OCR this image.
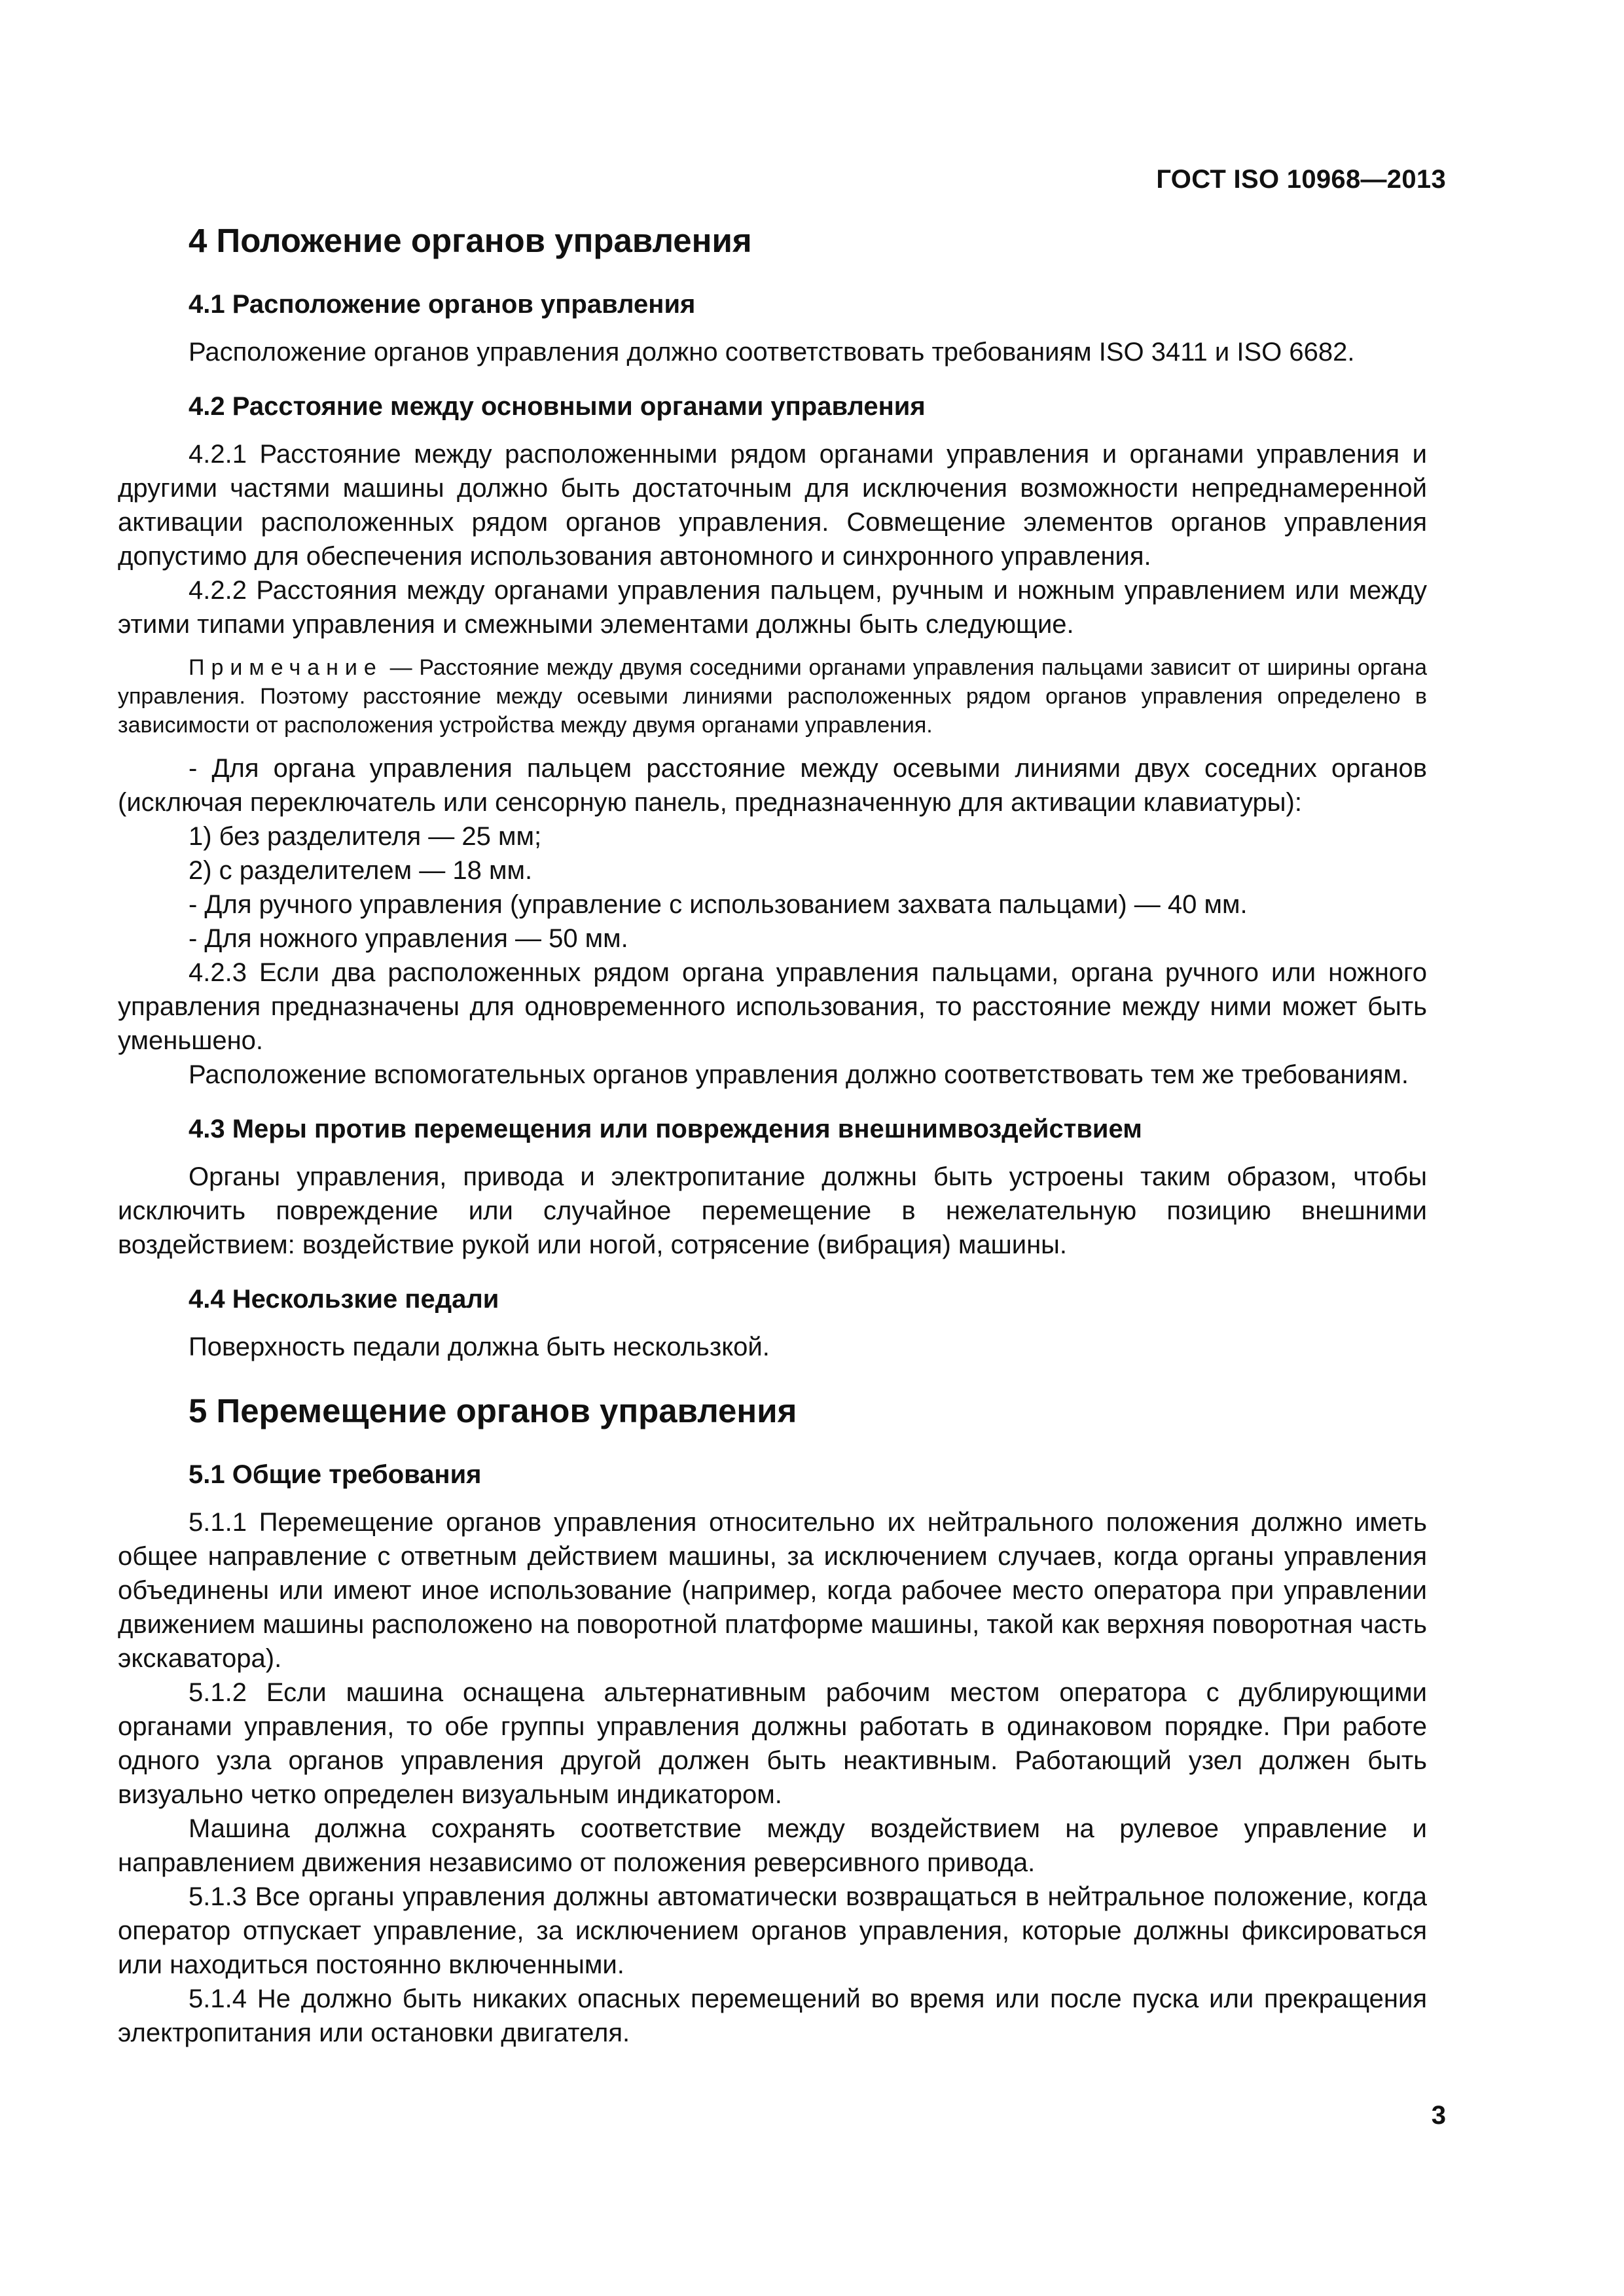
ГОСТ ISO 10968—2013

4 Положение органов управления

4.1 Расположение органов управления

Расположение органов управления должно соответствовать требованиям ISO 3411 и ISO 6682.

4.2 Расстояние между основными органами управления

4.2.1 Расстояние между расположенными рядом органами управления и органами управления и другими частями машины должно быть достаточным для исключения возможности непреднамеренной активации расположенных рядом органов управления. Совмещение элементов органов управления допустимо для обеспечения использования автономного и синхронного управления.

4.2.2 Расстояния между органами управления пальцем, ручным и ножным управлением или между этими типами управления и смежными элементами должны быть следующие.

Примечание — Расстояние между двумя соседними органами управления пальцами зависит от ширины органа управления. Поэтому расстояние между осевыми линиями расположенных рядом органов управления определено в зависимости от расположения устройства между двумя органами управления.

- Для органа управления пальцем расстояние между осевыми линиями двух соседних органов (исключая переключатель или сенсорную панель, предназначенную для активации клавиатуры):

1) без разделителя — 25 мм;

2) с разделителем — 18 мм.

- Для ручного управления (управление с использованием захвата пальцами) — 40 мм.

- Для ножного управления — 50 мм.

4.2.3 Если два расположенных рядом органа управления пальцами, органа ручного или ножного управления предназначены для одновременного использования, то расстояние между ними может быть уменьшено.

Расположение вспомогательных органов управления должно соответствовать тем же требованиям.

4.3 Меры против перемещения или повреждения внешнимвоздействием

Органы управления, привода и электропитание должны быть устроены таким образом, чтобы исключить повреждение или случайное перемещение в нежелательную позицию внешними воздействием: воздействие рукой или ногой, сотрясение (вибрация) машины.

4.4 Нескользкие педали

Поверхность педали должна быть нескользкой.

5 Перемещение органов управления

5.1 Общие требования

5.1.1 Перемещение органов управления относительно их нейтрального положения должно иметь общее направление с ответным действием машины, за исключением случаев, когда органы управления объединены или имеют иное использование (например, когда рабочее место оператора при управлении движением машины расположено на поворотной платформе машины, такой как верхняя поворотная часть экскаватора).

5.1.2 Если машина оснащена альтернативным рабочим местом оператора с дублирующими органами управления, то обе группы управления должны работать в одинаковом порядке. При работе одного узла органов управления другой должен быть неактивным. Работающий узел должен быть визуально четко определен визуальным индикатором.

Машина должна сохранять соответствие между воздействием на рулевое управление и направлением движения независимо от положения реверсивного привода.

5.1.3 Все органы управления должны автоматически возвращаться в нейтральное положение, когда оператор отпускает управление, за исключением органов управления, которые должны фиксироваться или находиться постоянно включенными.

5.1.4 Не должно быть никаких опасных перемещений во время или после пуска или прекращения электропитания или остановки двигателя.

3
